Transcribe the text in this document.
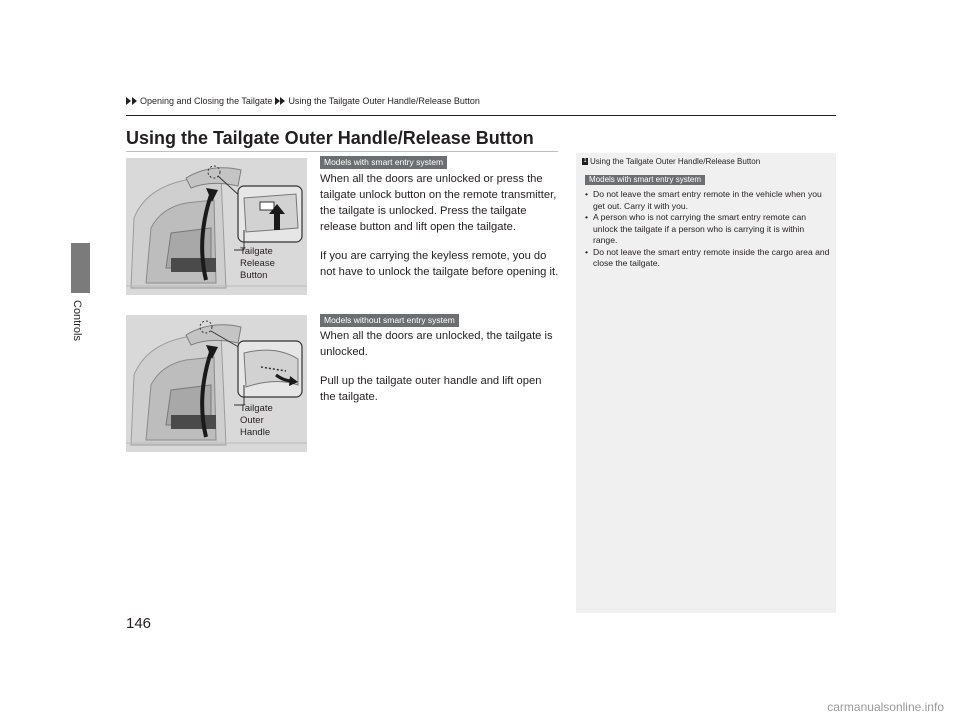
Controls
Opening and Closing the Tailgate Using the Tailgate Outer Handle/Release Button
Using the Tailgate Outer Handle/Release Button
Tailgate
Release
Button
Tailgate
Outer
Handle
Models with smart entry system

When all the doors are unlocked or press the tailgate unlock button on the remote transmitter, the tailgate is unlocked. Press the tailgate release button and lift open the tailgate.

If you are carrying the keyless remote, you do not have to unlock the tailgate before opening it.

Models without smart entry system

When all the doors are unlocked, the tailgate is unlocked.

Pull up the tailgate outer handle and lift open the tailgate.

1 Using the Tailgate Outer Handle/Release Button
Models with smart entry system
• Do not leave the smart entry remote in the vehicle when you get out. Carry it with you.
• A person who is not carrying the smart entry remote can unlock the tailgate if a person who is carrying it is within range.
• Do not leave the smart entry remote inside the cargo area and close the tailgate.
146
carmanualsonline.info
